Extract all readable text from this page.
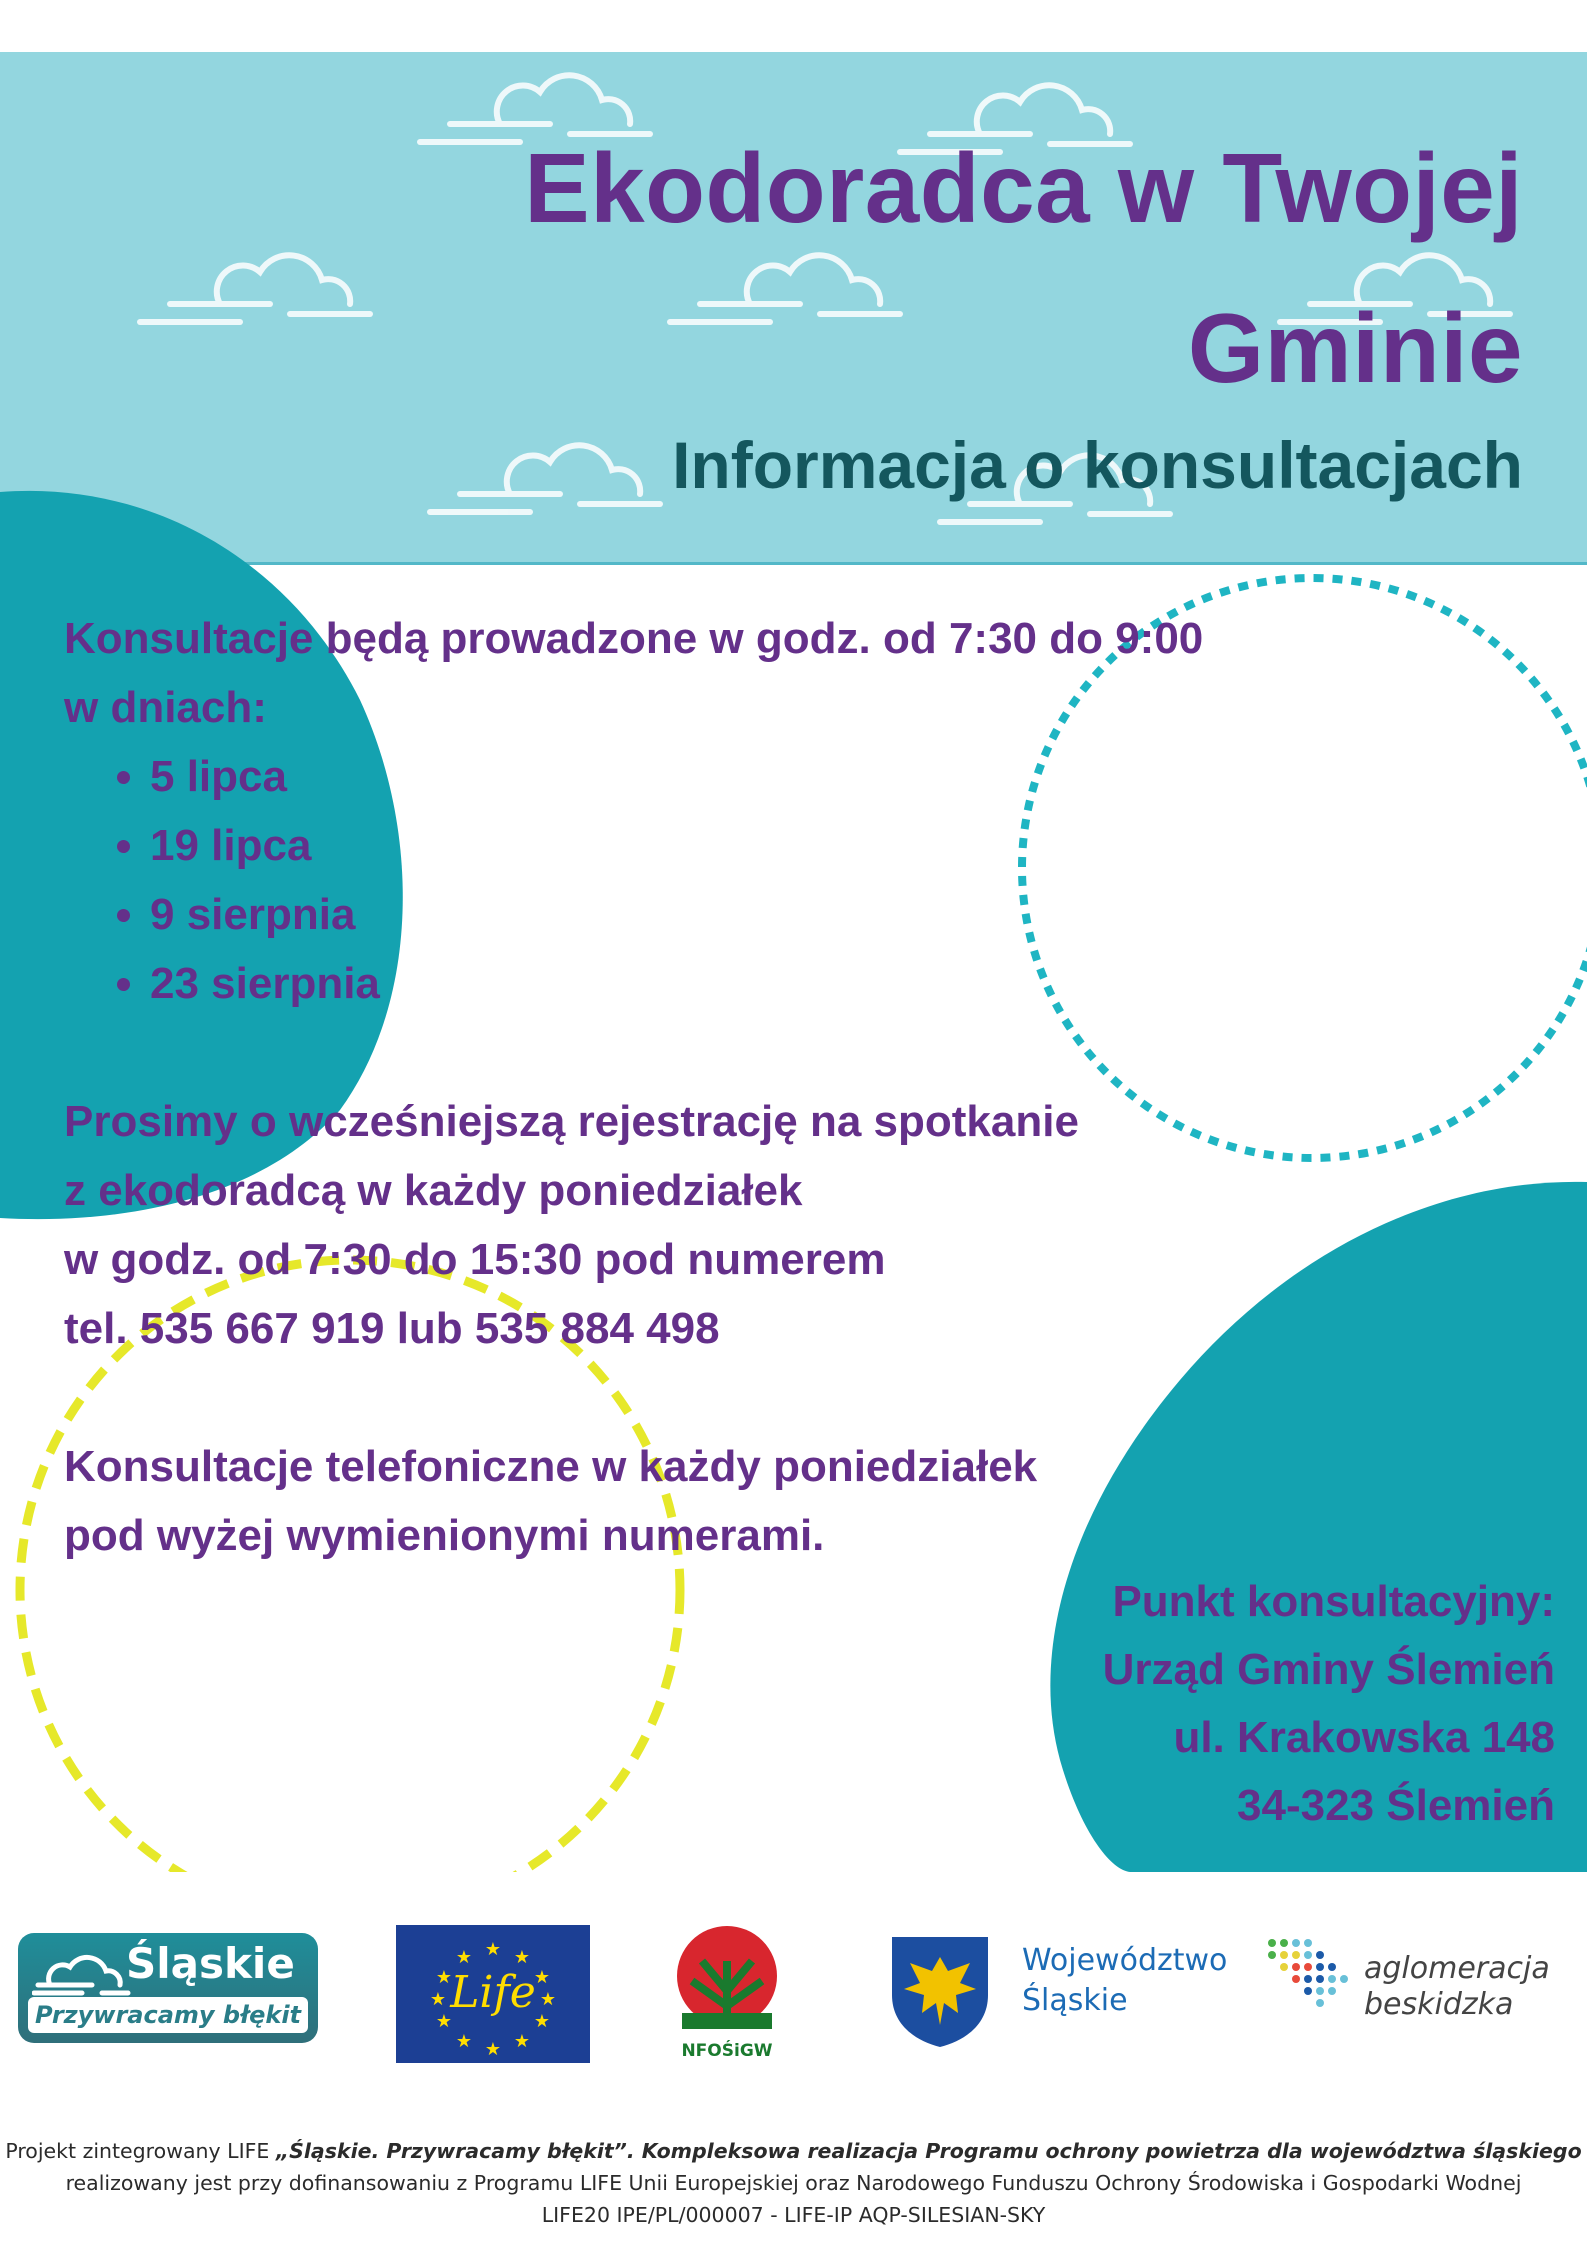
Ekodoradca w Twojej
Gminie
Informacja o konsultacjach

Konsultacje będą prowadzone w godz. od 7:30 do 9:00

w dniach:

• 5 lipca
• 19 lipca
• 9 sierpnia
• 23 sierpnia

Prosimy o wcześniejszą rejestrację na spotkanie

z ekodoradcą w każdy poniedziałek

w godz. od 7:30 do 15:30 pod numerem

tel. 535 667 919 lub 535 884 498

Konsultacje telefoniczne w każdy poniedziałek

pod wyżej wymienionymi numerami.

Punkt konsultacyjny:
Urząd Gminy Ślemień
ul. Krakowska 148
34-323 Ślemień
Śląskie
Przywracamy błękit
★ ★
★
★
★
★
★
★
★
★
★
★
Life
NFOŚiGW
Województwo
Śląskie
aglomeracja
beskidzka
Projekt zintegrowany LIFE „Śląskie. Przywracamy błękit”. Kompleksowa realizacja Programu ochrony powietrza dla województwa śląskiego
realizowany jest przy dofinansowaniu z Programu LIFE Unii Europejskiej oraz Narodowego Funduszu Ochrony Środowiska i Gospodarki Wodnej
LIFE20 IPE/PL/000007 - LIFE-IP AQP-SILESIAN-SKY
